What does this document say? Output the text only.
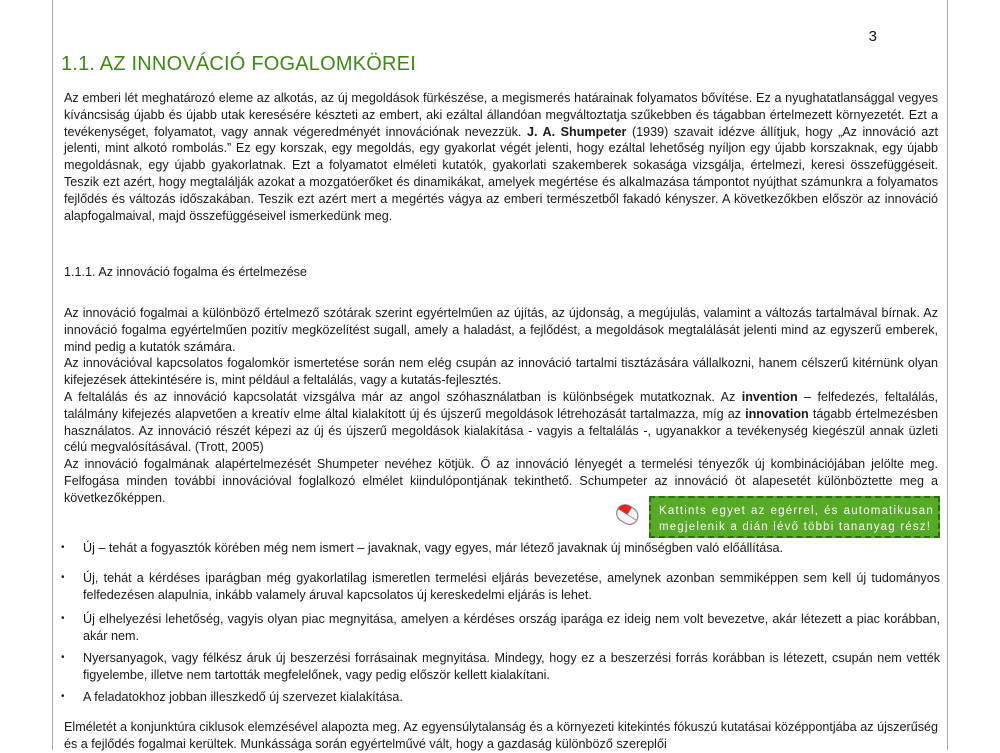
3
1.1. AZ INNOVÁCIÓ FOGALOMKÖREI

Az emberi lét meghatározó eleme az alkotás, az új megoldások fürkészése, a megismerés határainak folyamatos bővítése. Ez a nyughatatlansággal vegyes kíváncsiság újabb és újabb utak keresésére készteti az embert, aki ezáltal állandóan megváltoztatja szűkebben és tágabban értelmezett környezetét. Ezt a tevékenységet, folyamatot, vagy annak végeredményét innovációnak nevezzük. J. A. Shumpeter (1939) szavait idézve állítjuk, hogy „Az innováció azt jelenti, mint alkotó rombolás.” Ez egy korszak, egy megoldás, egy gyakorlat végét jelenti, hogy ezáltal lehetőség nyíljon egy újabb korszaknak, egy újabb megoldásnak, egy újabb gyakorlatnak. Ezt a folyamatot elméleti kutatók, gyakorlati szakemberek sokasága vizsgálja, értelmezi, keresi összefüggéseit. Teszik ezt azért, hogy megtalálják azokat a mozgatóerőket és dinamikákat, amelyek megértése és alkalmazása támpontot nyújthat számunkra a folyamatos fejlődés és változás időszakában. Teszik ezt azért mert a megértés vágya az emberi természetből fakadó kényszer. A következőkben először az innováció alapfogalmaival, majd összefüggéseivel ismerkedünk meg.

1.1.1. Az innováció fogalma és értelmezése
Az innováció fogalmai a különböző értelmező szótárak szerint egyértelműen az újítás, az újdonság, a megújulás, valamint a változás tartalmával bírnak. Az innováció fogalma egyértelműen pozitív megközelítést sugall, amely a haladást, a fejlődést, a megoldások megtalálását jelenti mind az egyszerű emberek, mind pedig a kutatók számára.
Az innovációval kapcsolatos fogalomkör ismertetése során nem elég csupán az innováció tartalmi tisztázására vállalkozni, hanem célszerű kitérnünk olyan kifejezések áttekintésére is, mint például a feltalálás, vagy a kutatás-fejlesztés.
A feltalálás és az innováció kapcsolatát vizsgálva már az angol szóhasználatban is különbségek mutatkoznak. Az invention – felfedezés, feltalálás, találmány kifejezés alapvetően a kreatív elme által kialakított új és újszerű megoldások létrehozását tartalmazza, míg az innovation tágabb értelmezésben használatos. Az innováció részét képezi az új és újszerű megoldások kialakítása - vagyis a feltalálás -, ugyanakkor a tevékenység kiegészül annak üzleti célú megvalósításával. (Trott, 2005)
Az innováció fogalmának alapértelmezését Shumpeter nevéhez kötjük. Ő az innováció lényegét a termelési tényezők új kombinációjában jelölte meg. Felfogása minden további innovációval foglalkozó elmélet kiindulópontjának tekinthető. Schumpeter az innováció öt alapesetét különböztette meg a következőképpen.
Kattints egyet az egérrel, és automatikusan megjelenik a dián lévő többi tananyag rész!
• Új – tehát a fogyasztók körében még nem ismert – javaknak, vagy egyes, már létező javaknak új minőségben való előállítása.
• Új, tehát a kérdéses iparágban még gyakorlatilag ismeretlen termelési eljárás bevezetése, amelynek azonban semmiképpen sem kell új tudományos felfedezésen alapulnia, inkább valamely áruval kapcsolatos új kereskedelmi eljárás is lehet.
• Új elhelyezési lehetőség, vagyis olyan piac megnyitása, amelyen a kérdéses ország iparága ez ideig nem volt bevezetve, akár létezett a piac korábban, akár nem.
• Nyersanyagok, vagy félkész áruk új beszerzési forrásainak megnyitása. Mindegy, hogy ez a beszerzési forrás korábban is létezett, csupán nem vették figyelembe, illetve nem tartották megfelelőnek, vagy pedig először kellett kialakítani.
• A feladatokhoz jobban illeszkedő új szervezet kialakítása.

Elméletét a konjunktúra ciklusok elemzésével alapozta meg. Az egyensúlytalanság és a környezeti kitekintés fókuszú kutatásai középpontjába az újszerűség és a fejlődés fogalmai kerültek. Munkássága során egyértelművé vált, hogy a gazdaság különböző szereplői
